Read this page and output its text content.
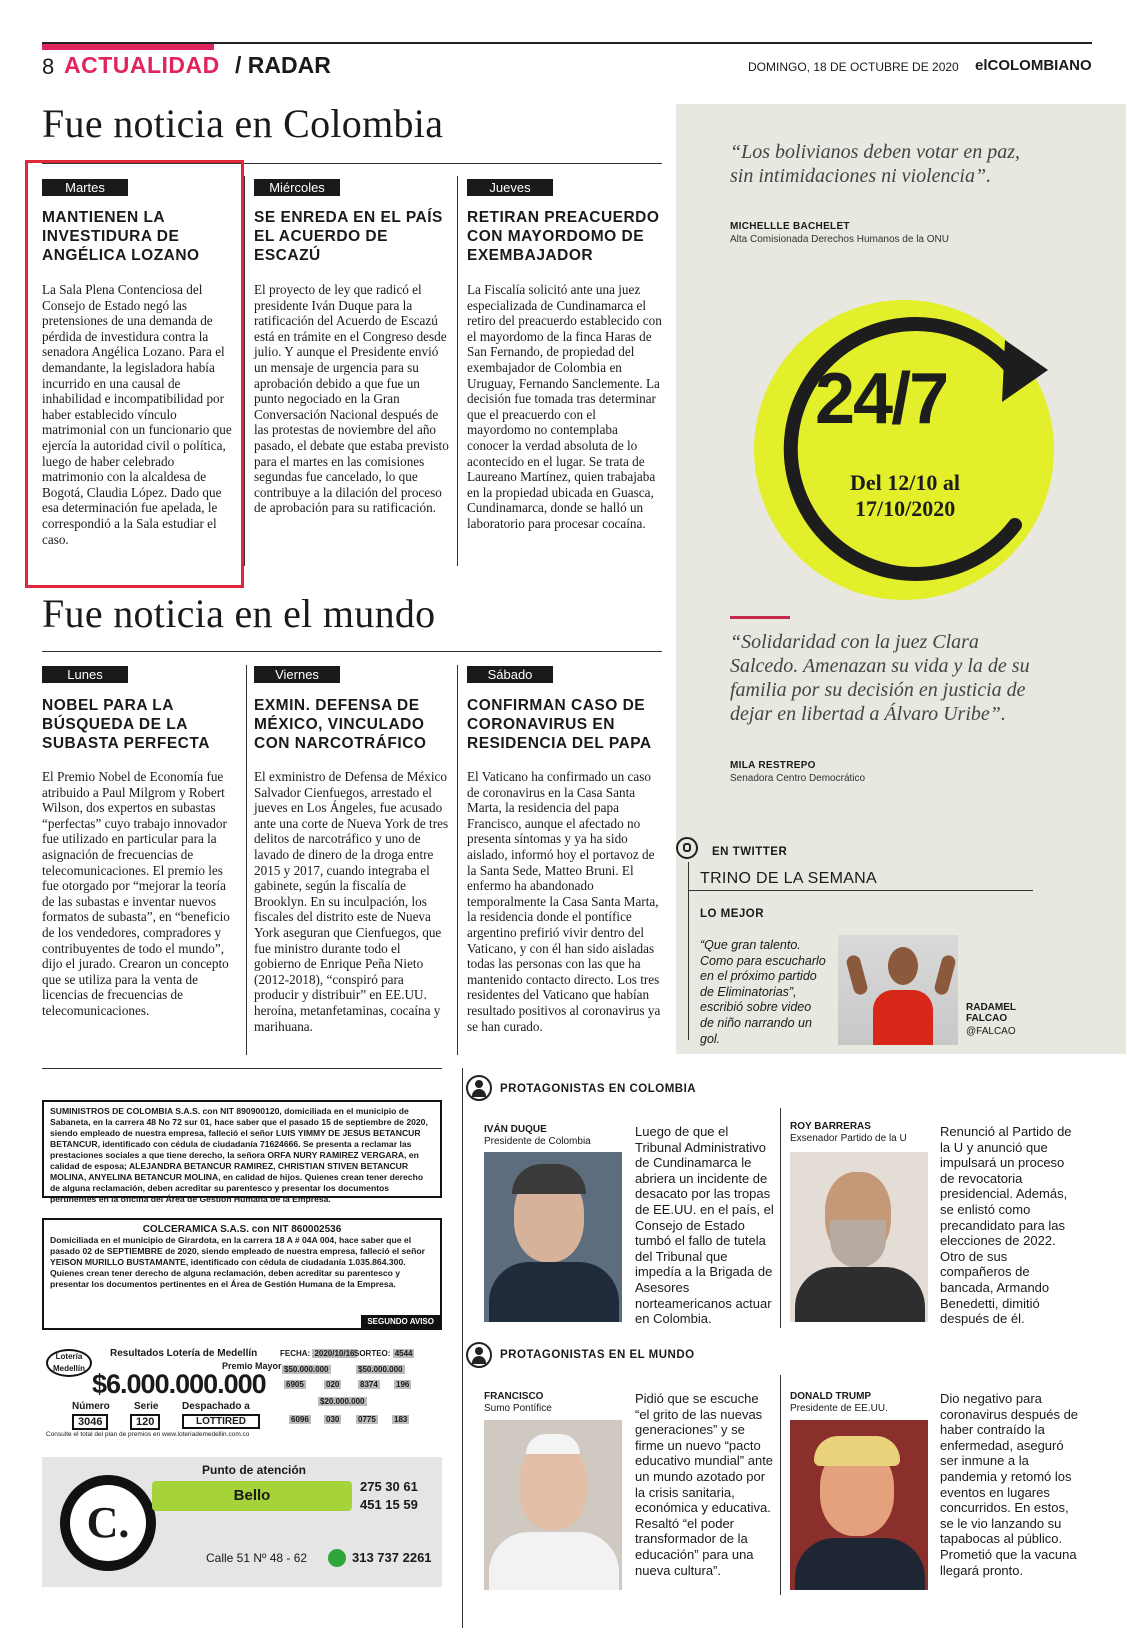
8 ACTUALIDAD / RADAR	DOMINGO, 18 DE OCTUBRE DE 2020 elCOLOMBIANO
Fue noticia en Colombia
Martes
MANTIENEN LA INVESTIDURA DE ANGÉLICA LOZANO
La Sala Plena Contenciosa del Consejo de Estado negó las pretensiones de una demanda de pérdida de investidura contra la senadora Angélica Lozano. Para el demandante, la legisladora había incurrido en una causal de inhabilidad e incompatibilidad por haber establecido vínculo matrimonial con un funcionario que ejercía la autoridad civil o política, luego de haber celebrado matrimonio con la alcaldesa de Bogotá, Claudia López. Dado que esa determinación fue apelada, le correspondió a la Sala estudiar el caso.
Miércoles
SE ENREDA EN EL PAÍS EL ACUERDO DE ESCAZÚ
El proyecto de ley que radicó el presidente Iván Duque para la ratificación del Acuerdo de Escazú está en trámite en el Congreso desde julio. Y aunque el Presidente envió un mensaje de urgencia para su aprobación debido a que fue un punto negociado en la Gran Conversación Nacional después de las protestas de noviembre del año pasado, el debate que estaba previsto para el martes en las comisiones segundas fue cancelado, lo que contribuye a la dilación del proceso de aprobación para su ratificación.
Jueves
RETIRAN PREACUERDO CON MAYORDOMO DE EXEMBAJADOR
La Fiscalía solicitó ante una juez especializada de Cundinamarca el retiro del preacuerdo establecido con el mayordomo de la finca Haras de San Fernando, de propiedad del exembajador de Colombia en Uruguay, Fernando Sanclemente. La decisión fue tomada tras determinar que el preacuerdo con el mayordomo no contemplaba conocer la verdad absoluta de lo acontecido en el lugar. Se trata de Laureano Martínez, quien trabajaba en la propiedad ubicada en Guasca, Cundinamarca, donde se halló un laboratorio para procesar cocaína.
Fue noticia en el mundo
Lunes
NOBEL PARA LA BÚSQUEDA DE LA SUBASTA PERFECTA
El Premio Nobel de Economía fue atribuido a Paul Milgrom y Robert Wilson, dos expertos en subastas “perfectas” cuyo trabajo innovador fue utilizado en particular para la asignación de frecuencias de telecomunicaciones. El premio les fue otorgado por “mejorar la teoría de las subastas e inventar nuevos formatos de subasta”, en “beneficio de los vendedores, compradores y contribuyentes de todo el mundo”, dijo el jurado. Crearon un concepto que se utiliza para la venta de licencias de frecuencias de telecomunicaciones.
Viernes
EXMIN. DEFENSA DE MÉXICO, VINCULADO CON NARCOTRÁFICO
El exministro de Defensa de México Salvador Cienfuegos, arrestado el jueves en Los Ángeles, fue acusado ante una corte de Nueva York de tres delitos de narcotráfico y uno de lavado de dinero de la droga entre 2015 y 2017, cuando integraba el gabinete, según la fiscalía de Brooklyn. En su inculpación, los fiscales del distrito este de Nueva York aseguran que Cienfuegos, que fue ministro durante todo el gobierno de Enrique Peña Nieto (2012-2018), “conspiró para producir y distribuir” en EE.UU. heroína, metanfetaminas, cocaína y marihuana.
Sábado
CONFIRMAN CASO DE CORONAVIRUS EN RESIDENCIA DEL PAPA
El Vaticano ha confirmado un caso de coronavirus en la Casa Santa Marta, la residencia del papa Francisco, aunque el afectado no presenta síntomas y ya ha sido aislado, informó hoy el portavoz de la Santa Sede, Matteo Bruni. El enfermo ha abandonado temporalmente la Casa Santa Marta, la residencia donde el pontífice argentino prefirió vivir dentro del Vaticano, y con él han sido aisladas todas las personas con las que ha mantenido contacto directo. Los tres residentes del Vaticano que habían resultado positivos al coronavirus ya se han curado.
“Los bolivianos deben votar en paz, sin intimidaciones ni violencia”.
MICHELLLE BACHELET
Alta Comisionada Derechos Humanos de la ONU
24/7
Del 12/10 al
17/10/2020
“Solidaridad con la juez Clara Salcedo. Amenazan su vida y la de su familia por su decisión en justicia de dejar en libertad a Álvaro Uribe”.
MILA RESTREPO
Senadora Centro Democrático
EN TWITTER
TRINO DE LA SEMANA
LO MEJOR
“Que gran talento. Como para escucharlo en el próximo partido de Eliminatorias”, escribió sobre video de niño narrando un gol.
RADAMEL FALCAO
@FALCAO
SUMINISTROS DE COLOMBIA S.A.S. con NIT 890900120, domiciliada en el municipio de Sabaneta, en la carrera 48 No 72 sur 01, hace saber que el pasado 15 de septiembre de 2020, siendo empleado de nuestra empresa, falleció el señor LUIS YIMMY DE JESUS BETANCUR BETANCUR, identificado con cédula de ciudadanía 71624666. Se presenta a reclamar las prestaciones sociales a que tiene derecho, la señora ORFA NURY RAMIREZ VERGARA, en calidad de esposa; ALEJANDRA BETANCUR RAMIREZ, CHRISTIAN STIVEN BETANCUR MOLINA, ANYELINA BETANCUR MOLINA, en calidad de hijos. Quienes crean tener derecho de alguna reclamación, deben acreditar su parentesco y presentar los documentos pertinentes en la oficina del Área de Gestión Humana de la Empresa.
COLCERAMICA S.A.S. con NIT 860002536
Domiciliada en el municipio de Girardota, en la carrera 18 A # 04A 004, hace saber que el pasado 02 de SEPTIEMBRE de 2020, siendo empleado de nuestra empresa, falleció el señor YEISON MURILLO BUSTAMANTE, identificado con cédula de ciudadanía 1.035.864.300. Quienes crean tener derecho de alguna reclamación, deben acreditar su parentesco y presentar los documentos pertinentes en el Área de Gestión Humana de la Empresa.
SEGUNDO AVISO
Lotería
Medellín
Resultados Lotería de Medellín
Premio Mayor
$6.000.000.000
Número Serie Despachado a
3046	120	LOTTIRED
FECHA: 2020/10/16 SORTEO: 4544
$50.000.000	$50.000.000
6905	020	8374 196
$20.000.000
6096 030 0775 183
Consulte el total del plan de premios en www.loteriademedellin.com.co
C.
Punto de atención
Bello
275 30 61
451 15 59
Calle 51 Nº 48 - 62	313 737 2261
PROTAGONISTAS EN COLOMBIA
IVÁN DUQUE
Presidente de Colombia
Luego de que el Tribunal Administrativo de Cundinamarca le abriera un incidente de desacato por las tropas de EE.UU. en el país, el Consejo de Estado tumbó el fallo de tutela del Tribunal que impedía a la Brigada de Asesores norteamericanos actuar en Colombia.
ROY BARRERAS
Exsenador Partido de la U	Renunció al Partido de la U y anunció que impulsará un proceso de revocatoria presidencial. Además, se enlistó como precandidato para las elecciones de 2022. Otro de sus compañeros de bancada, Armando Benedetti, dimitió después de él.
PROTAGONISTAS EN EL MUNDO
FRANCISCO
Sumo Pontífice
Pidió que se escuche “el grito de las nuevas generaciones” y se firme un nuevo “pacto educativo mundial” ante un mundo azotado por la crisis sanitaria, económica y educativa. Resaltó “el poder transformador de la educación” para una nueva cultura”.
DONALD TRUMP
Presidente de EE.UU.
Dio negativo para coronavirus después de haber contraído la enfermedad, aseguró ser inmune a la pandemia y retomó los eventos en lugares concurridos. En estos, se le vio lanzando su tapabocas al público. Prometió que la vacuna llegará pronto.
